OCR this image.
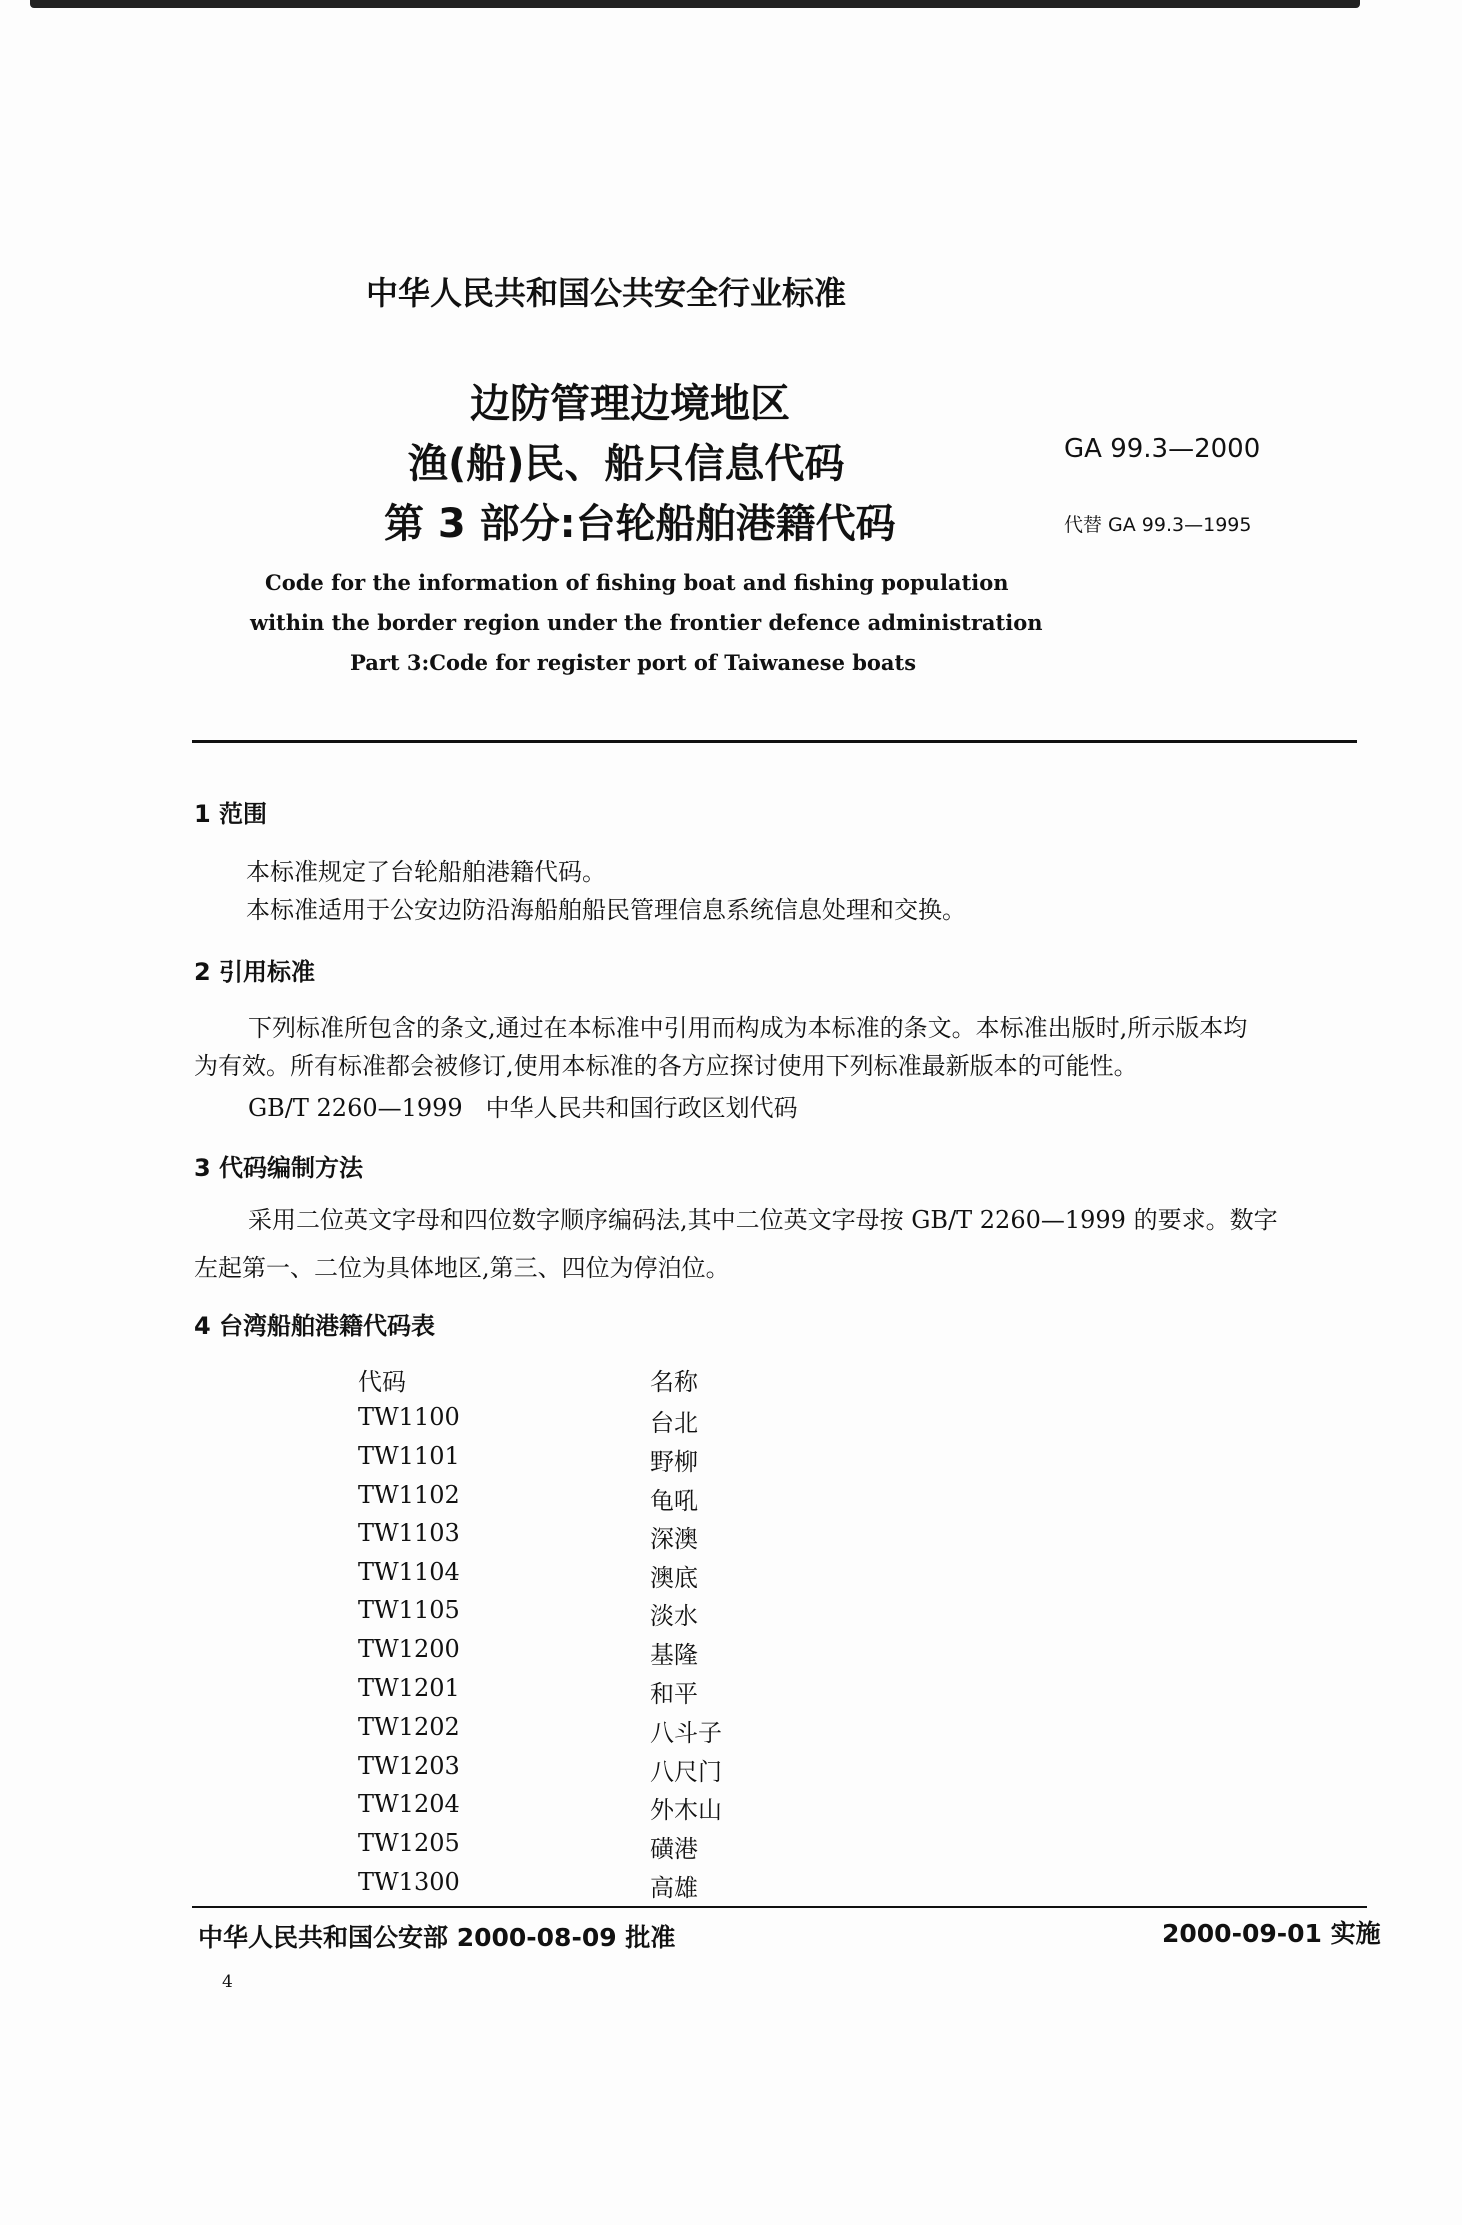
中华人民共和国公共安全行业标准
边防管理边境地区
渔(船)民、船只信息代码
第 3 部分:台轮船舶港籍代码
GA 99.3—2000
代替 GA 99.3—1995
Code for the information of fishing boat and fishing population
within the border region under the frontier defence administration
Part 3:Code for register port of Taiwanese boats
1 范围
本标准规定了台轮船舶港籍代码。
本标准适用于公安边防沿海船舶船民管理信息系统信息处理和交换。
2 引用标准
下列标准所包含的条文,通过在本标准中引用而构成为本标准的条文。本标准出版时,所示版本均
为有效。所有标准都会被修订,使用本标准的各方应探讨使用下列标准最新版本的可能性。
GB/T 2260—1999   中华人民共和国行政区划代码
3 代码编制方法
采用二位英文字母和四位数字顺序编码法,其中二位英文字母按 GB/T 2260—1999 的要求。数字
左起第一、二位为具体地区,第三、四位为停泊位。
4 台湾船舶港籍代码表
代码	名称
TW1100	台北
TW1101	野柳
TW1102	龟吼
TW1103	深澳
TW1104	澳底
TW1105	淡水
TW1200	基隆
TW1201	和平
TW1202	八斗子
TW1203	八尺门
TW1204	外木山
TW1205	磺港
TW1300	高雄
中华人民共和国公安部 2000-08-09 批准	2000-09-01 实施
4
